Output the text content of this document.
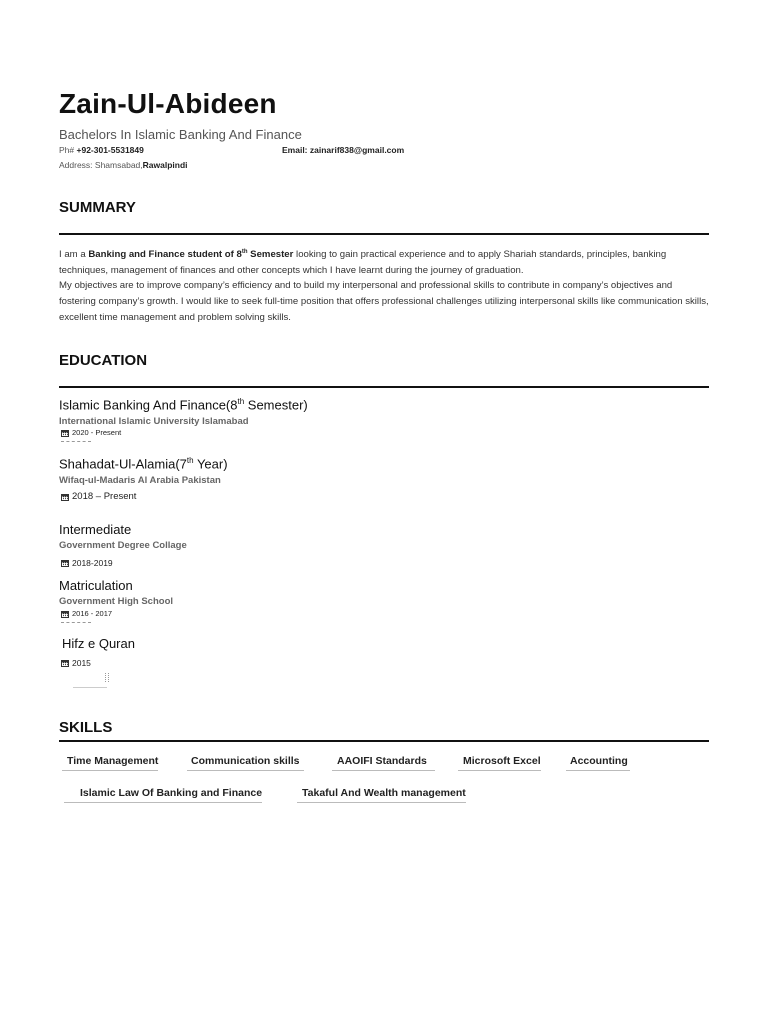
Zain-Ul-Abideen
Bachelors In Islamic Banking And Finance
Ph# +92-301-5531849	Email: zainarif838@gmail.com
Address: Shamsabad,Rawalpindi
SUMMARY
I am a Banking and Finance student of 8th Semester looking to gain practical experience and to apply Shariah standards, principles, banking techniques, management of finances and other concepts which I have learnt during the journey of graduation.
My objectives are to improve company’s efficiency and to build my interpersonal and professional skills to contribute in company’s objectives and fostering company’s growth. I would like to seek full-time position that offers professional challenges utilizing interpersonal skills like communication skills, excellent time management and problem solving skills.
EDUCATION
Islamic Banking And Finance(8th Semester)
International Islamic University Islamabad
2020 - Present
Shahadat-Ul-Alamia(7th Year)
Wifaq-ul-Madaris Al Arabia Pakistan
2018 – Present
Intermediate
Government Degree Collage
2018-2019
Matriculation
Government High School
2016 - 2017
Hifz e Quran
2015
SKILLS
Time Management	Communication skills	AAOIFI Standards	Microsoft Excel	Accounting
Islamic Law Of Banking and Finance	Takaful And Wealth management
